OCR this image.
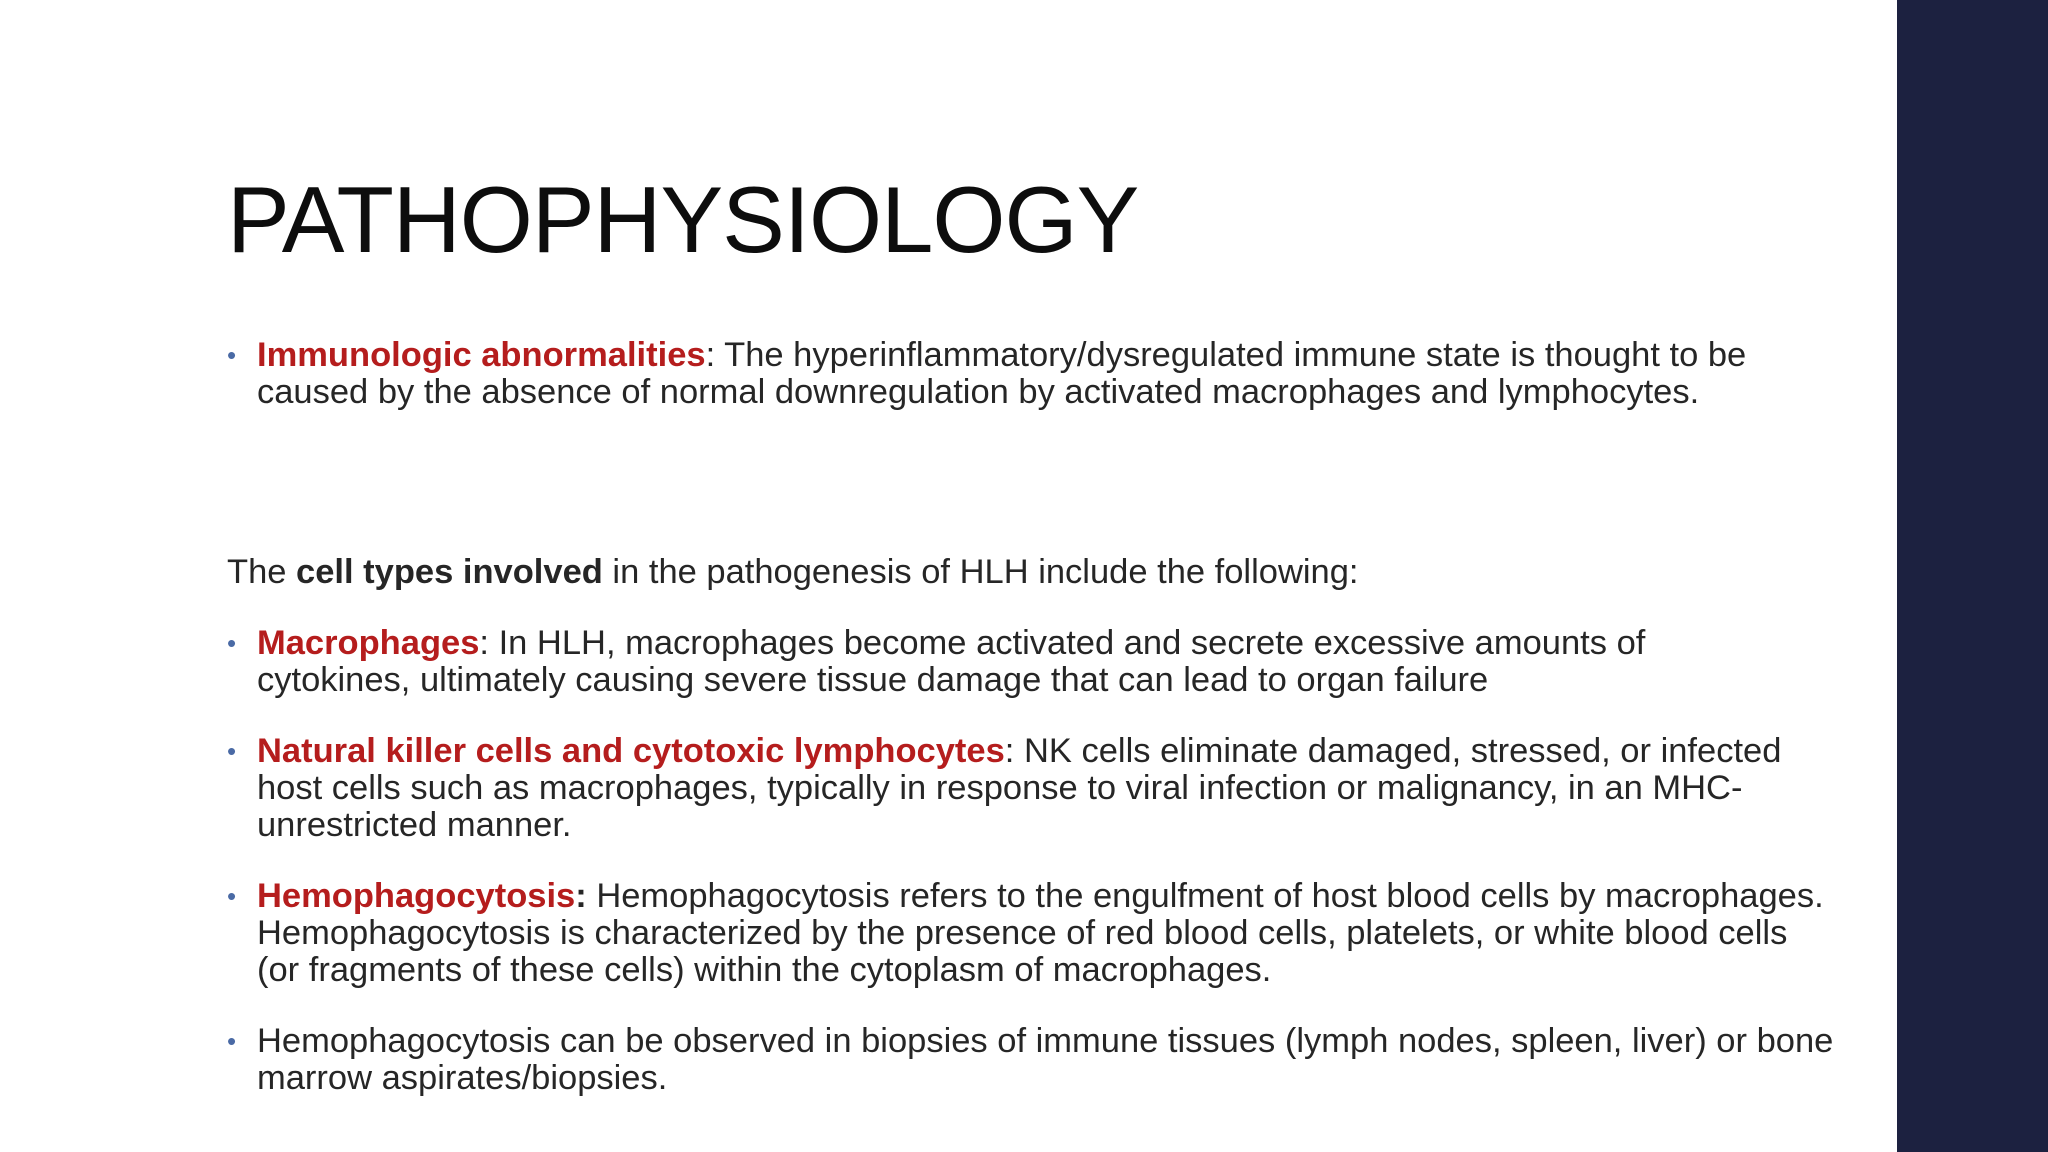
PATHOPHYSIOLOGY
• Immunologic abnormalities: The hyperinflammatory/dysregulated immune state is thought to be caused by the absence of normal downregulation by activated macrophages and lymphocytes.
The cell types involved in the pathogenesis of HLH include the following:
• Macrophages: In HLH, macrophages become activated and secrete excessive amounts of cytokines, ultimately causing severe tissue damage that can lead to organ failure
• Natural killer cells and cytotoxic lymphocytes: NK cells eliminate damaged, stressed, or infected host cells such as macrophages, typically in response to viral infection or malignancy, in an MHC-unrestricted manner.
• Hemophagocytosis: Hemophagocytosis refers to the engulfment of host blood cells by macrophages. Hemophagocytosis is characterized by the presence of red blood cells, platelets, or white blood cells (or fragments of these cells) within the cytoplasm of macrophages.
• Hemophagocytosis can be observed in biopsies of immune tissues (lymph nodes, spleen, liver) or bone marrow aspirates/biopsies.
